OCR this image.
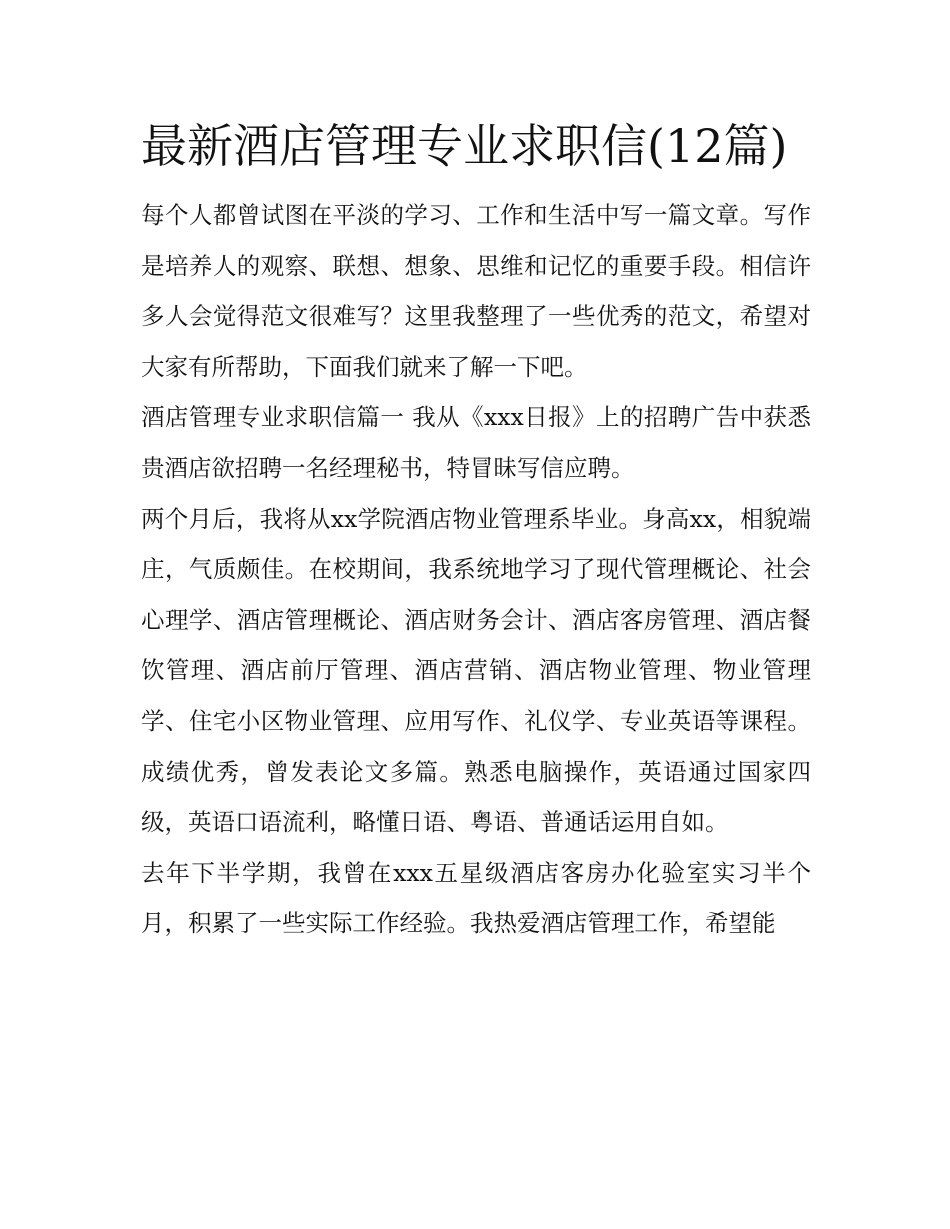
最新酒店管理专业求职信(12篇)

每个人都曾试图在平淡的学习、工作和生活中写一篇文章。写作是培养人的观察、联想、想象、思维和记忆的重要手段。相信许多人会觉得范文很难写？这里我整理了一些优秀的范文，希望对大家有所帮助，下面我们就来了解一下吧。

酒店管理专业求职信篇一 我从《xxx日报》上的招聘广告中获悉贵酒店欲招聘一名经理秘书，特冒昧写信应聘。

两个月后，我将从xx学院酒店物业管理系毕业。身高xx，相貌端庄，气质颇佳。在校期间，我系统地学习了现代管理概论、社会心理学、酒店管理概论、酒店财务会计、酒店客房管理、酒店餐饮管理、酒店前厅管理、酒店营销、酒店物业管理、物业管理学、住宅小区物业管理、应用写作、礼仪学、专业英语等课程。成绩优秀，曾发表论文多篇。熟悉电脑操作，英语通过国家四级，英语口语流利，略懂日语、粤语、普通话运用自如。

去年下半学期，我曾在xxx五星级酒店客房办化验室实习半个月，积累了一些实际工作经验。我热爱酒店管理工作，希望能
